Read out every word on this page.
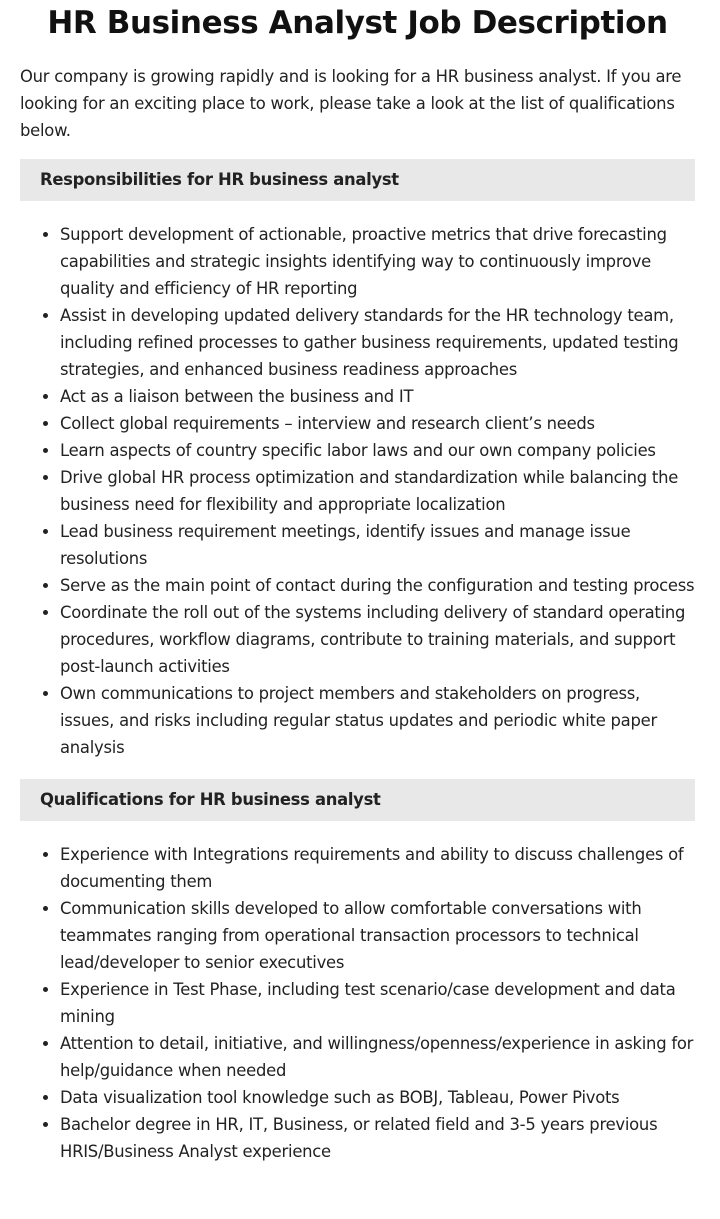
HR Business Analyst Job Description

Our company is growing rapidly and is looking for a HR business analyst. If you are looking for an exciting place to work, please take a look at the list of qualifications below.

Responsibilities for HR business analyst
• Support development of actionable, proactive metrics that drive forecasting capabilities and strategic insights identifying way to continuously improve quality and efficiency of HR reporting
• Assist in developing updated delivery standards for the HR technology team, including refined processes to gather business requirements, updated testing strategies, and enhanced business readiness approaches
• Act as a liaison between the business and IT
• Collect global requirements – interview and research client’s needs
• Learn aspects of country specific labor laws and our own company policies
• Drive global HR process optimization and standardization while balancing the business need for flexibility and appropriate localization
• Lead business requirement meetings, identify issues and manage issue resolutions
• Serve as the main point of contact during the configuration and testing process
• Coordinate the roll out of the systems including delivery of standard operating procedures, workflow diagrams, contribute to training materials, and support post-launch activities
• Own communications to project members and stakeholders on progress, issues, and risks including regular status updates and periodic white paper analysis
Qualifications for HR business analyst
• Experience with Integrations requirements and ability to discuss challenges of documenting them
• Communication skills developed to allow comfortable conversations with teammates ranging from operational transaction processors to technical lead/developer to senior executives
• Experience in Test Phase, including test scenario/case development and data mining
• Attention to detail, initiative, and willingness/openness/experience in asking for help/guidance when needed
• Data visualization tool knowledge such as BOBJ, Tableau, Power Pivots
• Bachelor degree in HR, IT, Business, or related field and 3-5 years previous HRIS/Business Analyst experience
